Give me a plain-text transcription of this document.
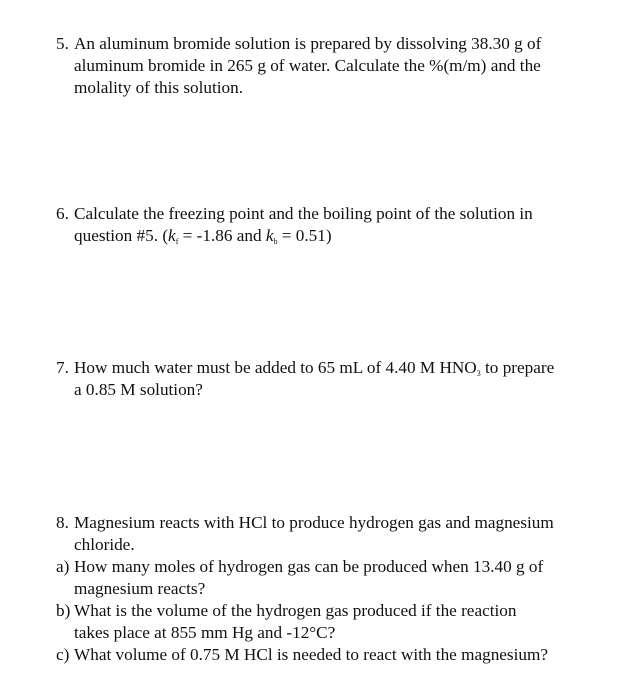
5. An aluminum bromide solution is prepared by dissolving 38.30 g of
aluminum bromide in 265 g of water. Calculate the %(m/m) and the
molality of this solution.
6. Calculate the freezing point and the boiling point of the solution in
question #5. ($k_f = -1.86$ and $k_b = 0.51$)
7. How much water must be added to 65 mL of 4.40 M $HNO_3$ to prepare
a 0.85 M solution?
8. Magnesium reacts with HCl to produce hydrogen gas and magnesium
chloride.
a) How many moles of hydrogen gas can be produced when 13.40 g of
magnesium reacts?
b) What is the volume of the hydrogen gas produced if the reaction
takes place at 855 mm Hg and -12°C?
c) What volume of 0.75 M HCl is needed to react with the magnesium?
